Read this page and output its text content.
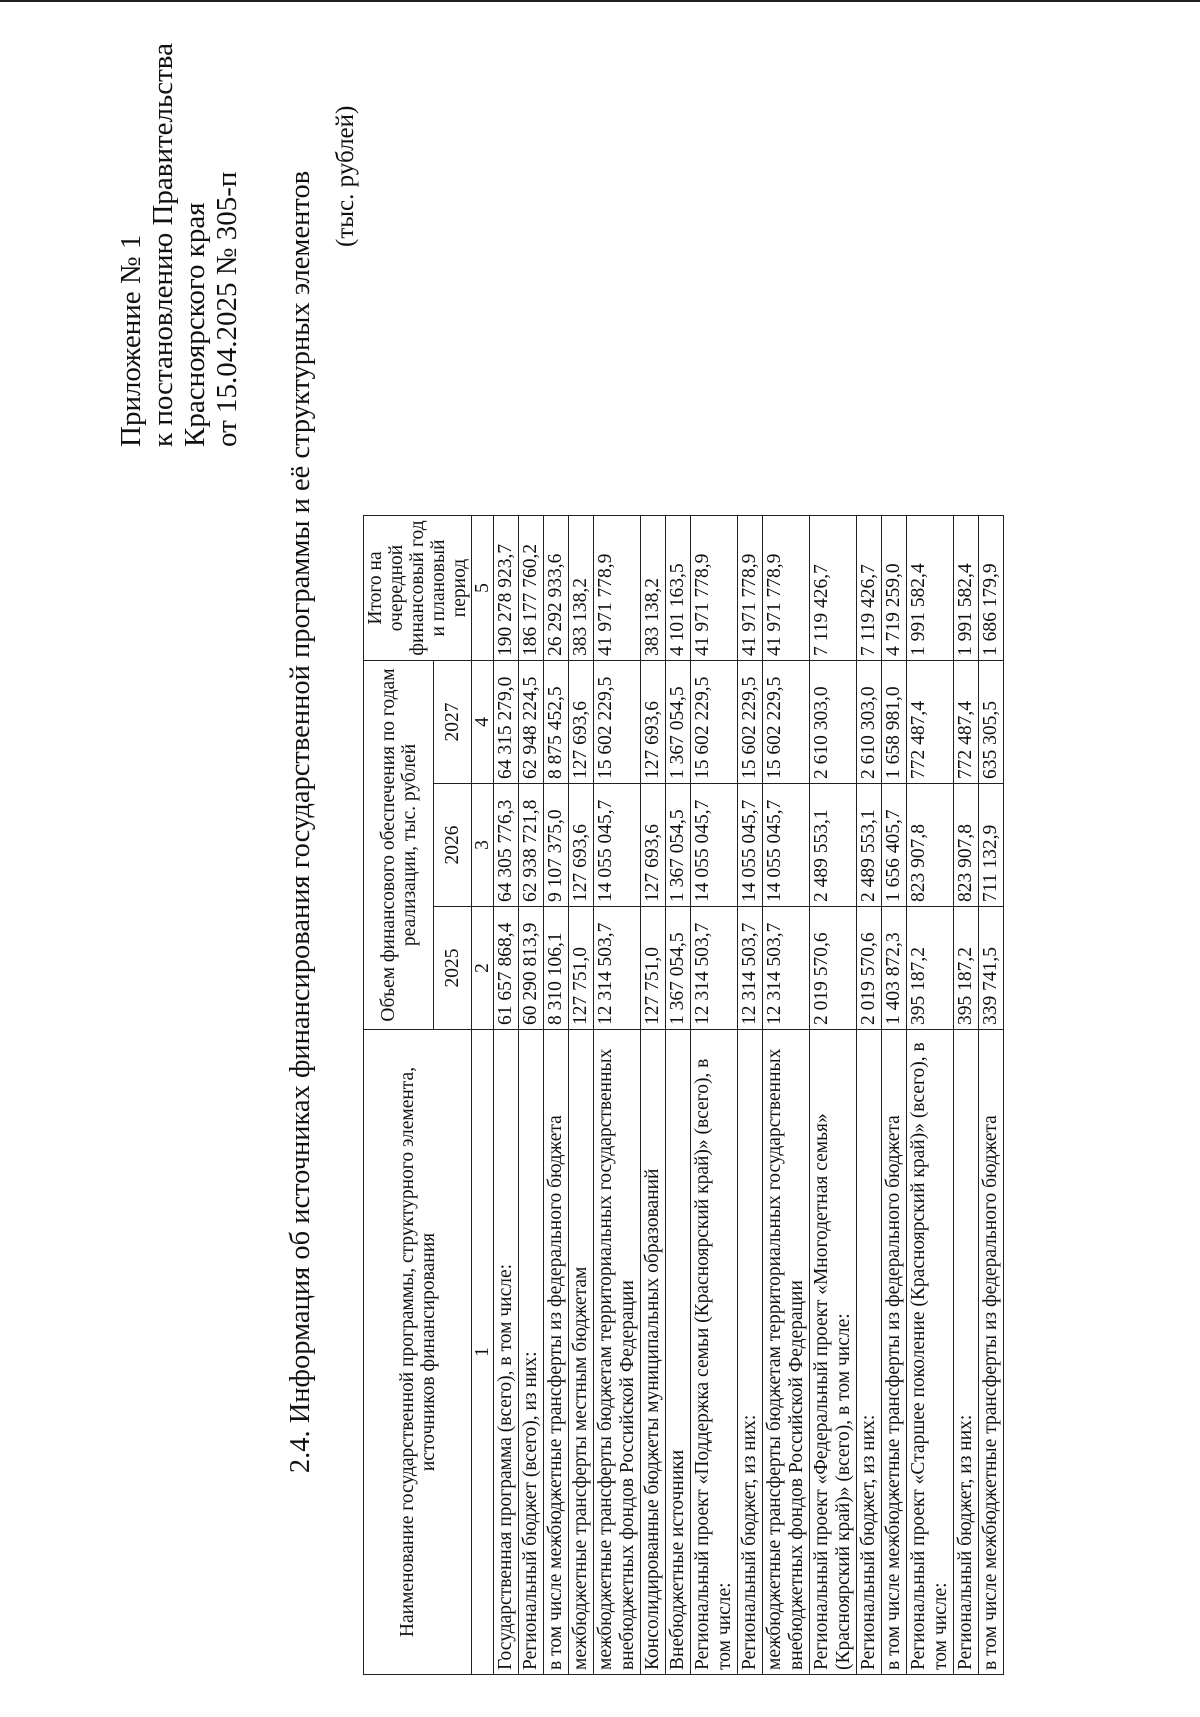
Приложение № 1 к постановлению Правительства Красноярского края от 15.04.2025 № 305-п 2.4. Информация об источниках финансирования государственной программы и её структурных элементов (тыс. рублей)
Наименование государственной программы, структурного элемента, источников финансирования	Объем финансового обеспечения по годам реализации, тыс. рублей			Итого на очередной финансовый год и плановый период
	2025	2026	2027	
1	2	3	4	5
Государственная программа (всего), в том числе:	61 657 868,4	64 305 776,3	64 315 279,0	190 278 923,7
Региональный бюджет (всего), из них:	60 290 813,9	62 938 721,8	62 948 224,5	186 177 760,2
в том числе межбюджетные трансферты из федерального бюджета	8 310 106,1	9 107 375,0	8 875 452,5	26 292 933,6
межбюджетные трансферты местным бюджетам	127 751,0	127 693,6	127 693,6	383 138,2
межбюджетные трансферты бюджетам территориальных государственных внебюджетных фондов Российской Федерации	12 314 503,7	14 055 045,7	15 602 229,5	41 971 778,9
Консолидированные бюджеты муниципальных образований	127 751,0	127 693,6	127 693,6	383 138,2
Внебюджетные источники	1 367 054,5	1 367 054,5	1 367 054,5	4 101 163,5
Региональный проект «Поддержка семьи (Красноярский край)» (всего), в том числе:	12 314 503,7	14 055 045,7	15 602 229,5	41 971 778,9
Региональный бюджет, из них:	12 314 503,7	14 055 045,7	15 602 229,5	41 971 778,9
межбюджетные трансферты бюджетам территориальных государственных внебюджетных фондов Российской Федерации	12 314 503,7	14 055 045,7	15 602 229,5	41 971 778,9
Региональный проект «Федеральный проект «Многодетная семья» (Красноярский край)» (всего), в том числе:	2 019 570,6	2 489 553,1	2 610 303,0	7 119 426,7
Региональный бюджет, из них:	2 019 570,6	2 489 553,1	2 610 303,0	7 119 426,7
в том числе межбюджетные трансферты из федерального бюджета	1 403 872,3	1 656 405,7	1 658 981,0	4 719 259,0
Региональный проект «Старшее поколение (Красноярский край)» (всего), в том числе:	395 187,2	823 907,8	772 487,4	1 991 582,4
Региональный бюджет, из них:	395 187,2	823 907,8	772 487,4	1 991 582,4
в том числе межбюджетные трансферты из федерального бюджета	339 741,5	711 132,9	635 305,5	1 686 179,9
